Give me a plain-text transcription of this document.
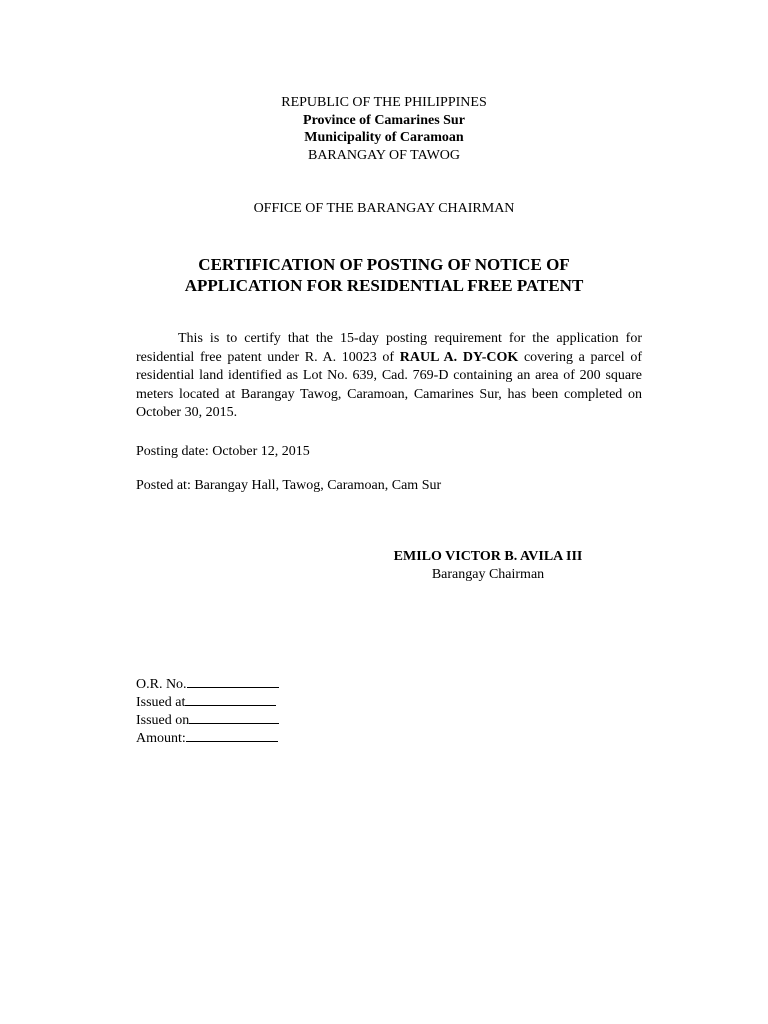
REPUBLIC OF THE PHILIPPINES
Province of Camarines Sur
Municipality of Caramoan
BARANGAY OF TAWOG
OFFICE OF THE BARANGAY CHAIRMAN
CERTIFICATION OF POSTING OF NOTICE OF
APPLICATION FOR RESIDENTIAL FREE PATENT

This is to certify that the 15-day posting requirement for the application for residential free patent under R. A. 10023 of RAUL A. DY-COK covering a parcel of residential land identified as Lot No. 639, Cad. 769-D containing an area of 200 square meters located at Barangay Tawog, Caramoan, Camarines Sur, has been completed on October 30, 2015.

Posting date: October 12, 2015
Posted at: Barangay Hall, Tawog, Caramoan, Cam Sur
EMILO VICTOR B. AVILA III
Barangay Chairman
O.R. No.
Issued at
Issued on
Amount:
